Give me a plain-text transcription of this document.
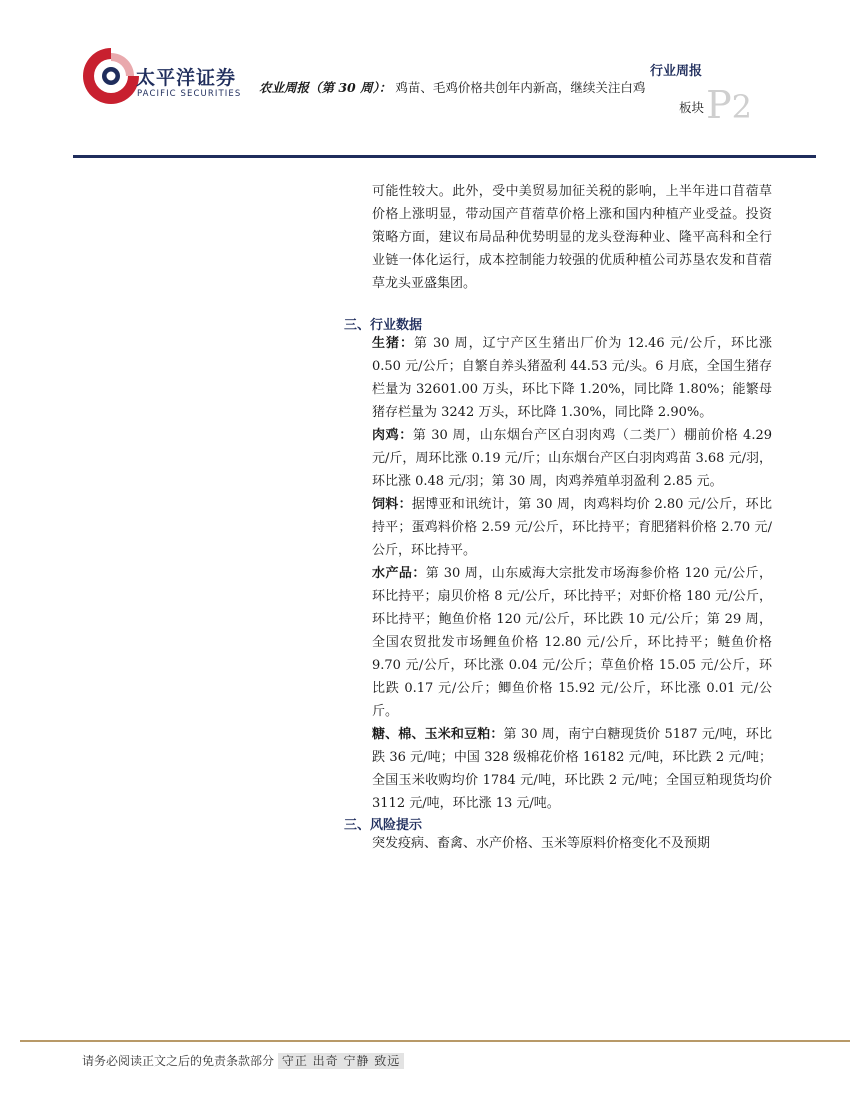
太平洋证券
PACIFIC SECURITIES
行业周报
农业周报（第 30 周）： 鸡苗、毛鸡价格共创年内新高，继续关注白鸡
板块 P2

可能性较大。此外，受中美贸易加征关税的影响，上半年进口苜蓿草价格上涨明显，带动国产苜蓿草价格上涨和国内种植产业受益。投资策略方面，建议布局品种优势明显的龙头登海种业、隆平高科和全行业链一体化运行，成本控制能力较强的优质种植公司苏垦农发和苜蓿草龙头亚盛集团。

三、行业数据

生猪：第 30 周，辽宁产区生猪出厂价为 12.46 元/公斤，环比涨 0.50 元/公斤；自繁自养头猪盈利 44.53 元/头。6 月底，全国生猪存栏量为 32601.00 万头，环比下降 1.20%，同比降 1.80%；能繁母猪存栏量为 3242 万头，环比降 1.30%，同比降 2.90%。

肉鸡：第 30 周，山东烟台产区白羽肉鸡（二类厂）棚前价格 4.29 元/斤，周环比涨 0.19 元/斤；山东烟台产区白羽肉鸡苗 3.68 元/羽，环比涨 0.48 元/羽；第 30 周，肉鸡养殖单羽盈利 2.85 元。

饲料：据博亚和讯统计，第 30 周，肉鸡料均价 2.80 元/公斤，环比持平；蛋鸡料价格 2.59 元/公斤，环比持平；育肥猪料价格 2.70 元/公斤，环比持平。

水产品：第 30 周，山东威海大宗批发市场海参价格 120 元/公斤，环比持平；扇贝价格 8 元/公斤，环比持平；对虾价格 180 元/公斤，环比持平；鲍鱼价格 120 元/公斤，环比跌 10 元/公斤；第 29 周，全国农贸批发市场鲤鱼价格 12.80 元/公斤，环比持平；鲢鱼价格 9.70 元/公斤，环比涨 0.04 元/公斤；草鱼价格 15.05 元/公斤，环比跌 0.17 元/公斤；鲫鱼价格 15.92 元/公斤，环比涨 0.01 元/公斤。

糖、棉、玉米和豆粕：第 30 周，南宁白糖现货价 5187 元/吨，环比跌 36 元/吨；中国 328 级棉花价格 16182 元/吨，环比跌 2 元/吨；全国玉米收购均价 1784 元/吨，环比跌 2 元/吨；全国豆粕现货均价 3112 元/吨，环比涨 13 元/吨。

三、风险提示

突发疫病、畜禽、水产价格、玉米等原料价格变化不及预期

请务必阅读正文之后的免责条款部分 守正 出奇 宁静 致远
